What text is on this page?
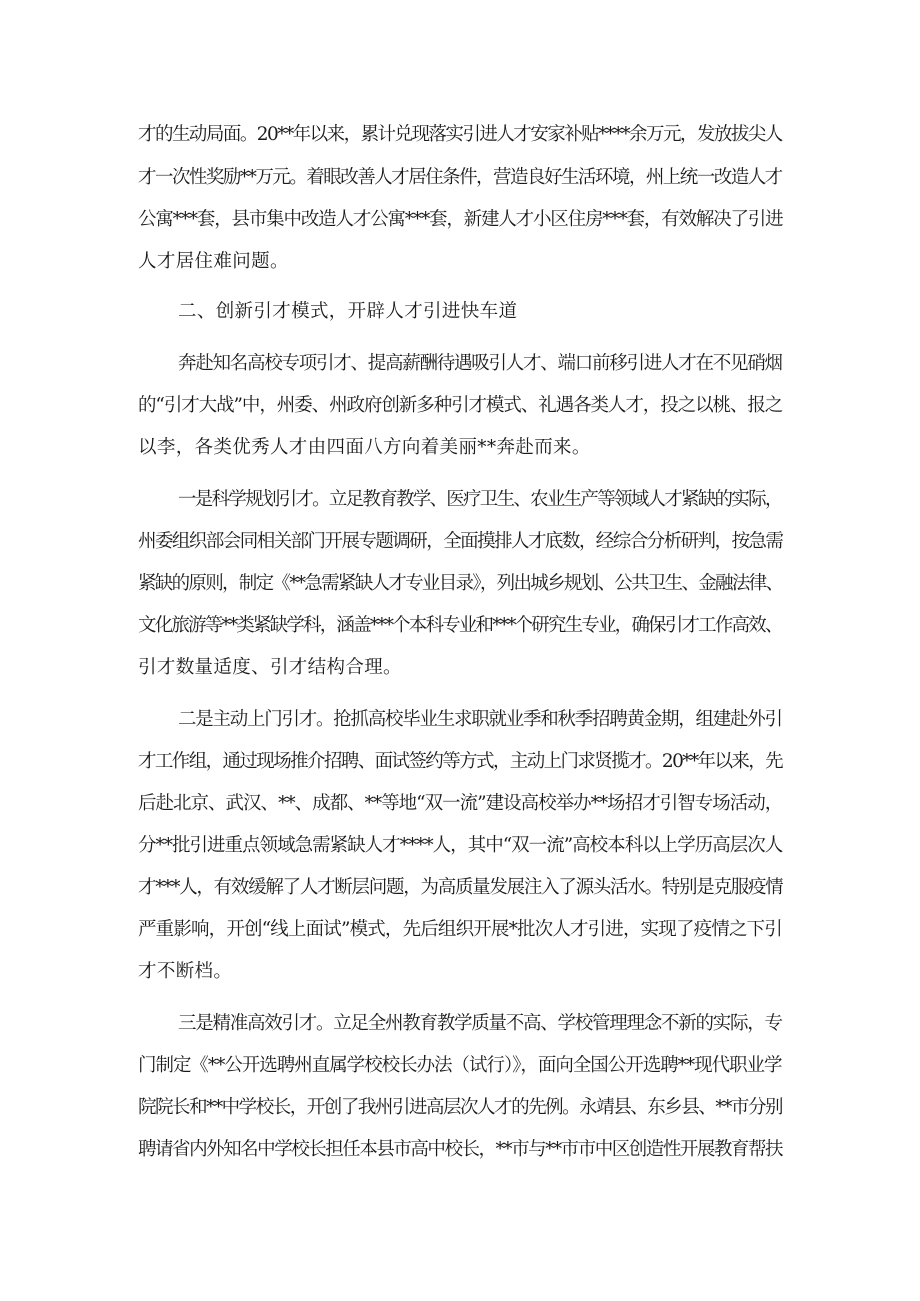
才的生动局面。20**年以来，累计兑现落实引进人才安家补贴****余万元，发放拔尖人
才一次性奖励**万元。着眼改善人才居住条件，营造良好生活环境，州上统一改造人才
公寓***套，县市集中改造人才公寓***套，新建人才小区住房***套，有效解决了引进
人才居住难问题。
二、创新引才模式，开辟人才引进快车道
奔赴知名高校专项引才、提高薪酬待遇吸引人才、端口前移引进人才在不见硝烟
的“引才大战”中，州委、州政府创新多种引才模式、礼遇各类人才，投之以桃、报之
以李，各类优秀人才由四面八方向着美丽**奔赴而来。
一是科学规划引才。立足教育教学、医疗卫生、农业生产等领域人才紧缺的实际，
州委组织部会同相关部门开展专题调研，全面摸排人才底数，经综合分析研判，按急需
紧缺的原则，制定《**急需紧缺人才专业目录》，列出城乡规划、公共卫生、金融法律、
文化旅游等**类紧缺学科，涵盖***个本科专业和***个研究生专业，确保引才工作高效、
引才数量适度、引才结构合理。
二是主动上门引才。抢抓高校毕业生求职就业季和秋季招聘黄金期，组建赴外引
才工作组，通过现场推介招聘、面试签约等方式，主动上门求贤揽才。20**年以来，先
后赴北京、武汉、**、成都、**等地“双一流”建设高校举办**场招才引智专场活动，
分**批引进重点领域急需紧缺人才****人，其中“双一流”高校本科以上学历高层次人
才***人，有效缓解了人才断层问题，为高质量发展注入了源头活水。特别是克服疫情
严重影响，开创“线上面试”模式，先后组织开展*批次人才引进，实现了疫情之下引
才不断档。
三是精准高效引才。立足全州教育教学质量不高、学校管理理念不新的实际，专
门制定《**公开选聘州直属学校校长办法（试行）》，面向全国公开选聘**现代职业学
院院长和**中学校长，开创了我州引进高层次人才的先例。永靖县、东乡县、**市分别
聘请省内外知名中学校长担任本县市高中校长，**市与**市市中区创造性开展教育帮扶
